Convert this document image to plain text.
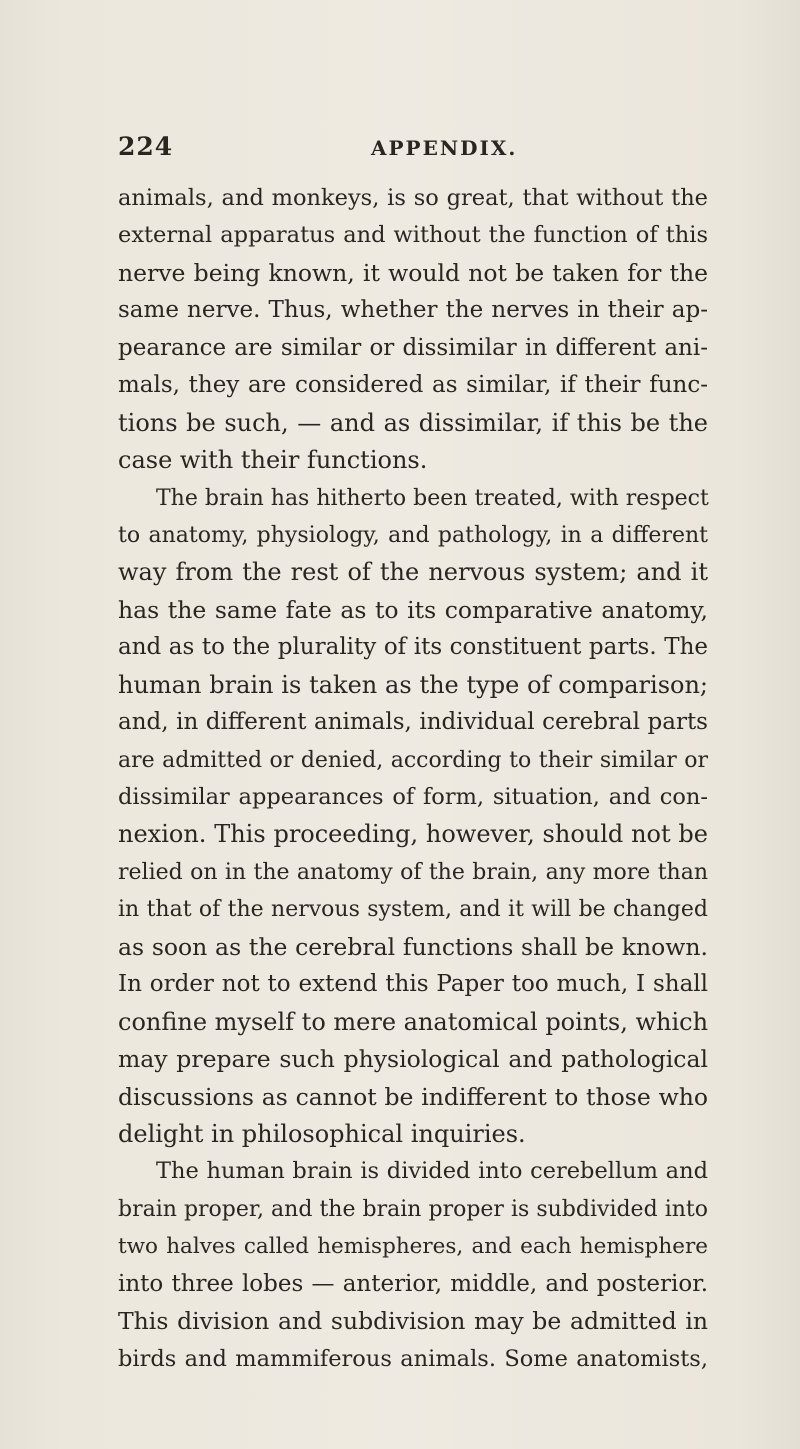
224	APPENDIX.
animals, and monkeys, is so great, that without the
external apparatus and without the function of this
nerve being known, it would not be taken for the
same nerve. Thus, whether the nerves in their ap-
pearance are similar or dissimilar in different ani-
mals, they are considered as similar, if their func-
tions be such, — and as dissimilar, if this be the
case with their functions.
The brain has hitherto been treated, with respect
to anatomy, physiology, and pathology, in a different
way from the rest of the nervous system; and it
has the same fate as to its comparative anatomy,
and as to the plurality of its constituent parts. The
human brain is taken as the type of comparison;
and, in different animals, individual cerebral parts
are admitted or denied, according to their similar or
dissimilar appearances of form, situation, and con-
nexion. This proceeding, however, should not be
relied on in the anatomy of the brain, any more than
in that of the nervous system, and it will be changed
as soon as the cerebral functions shall be known.
In order not to extend this Paper too much, I shall
confine myself to mere anatomical points, which
may prepare such physiological and pathological
discussions as cannot be indifferent to those who
delight in philosophical inquiries.
The human brain is divided into cerebellum and
brain proper, and the brain proper is subdivided into
two halves called hemispheres, and each hemisphere
into three lobes — anterior, middle, and posterior.
This division and subdivision may be admitted in
birds and mammiferous animals. Some anatomists,
